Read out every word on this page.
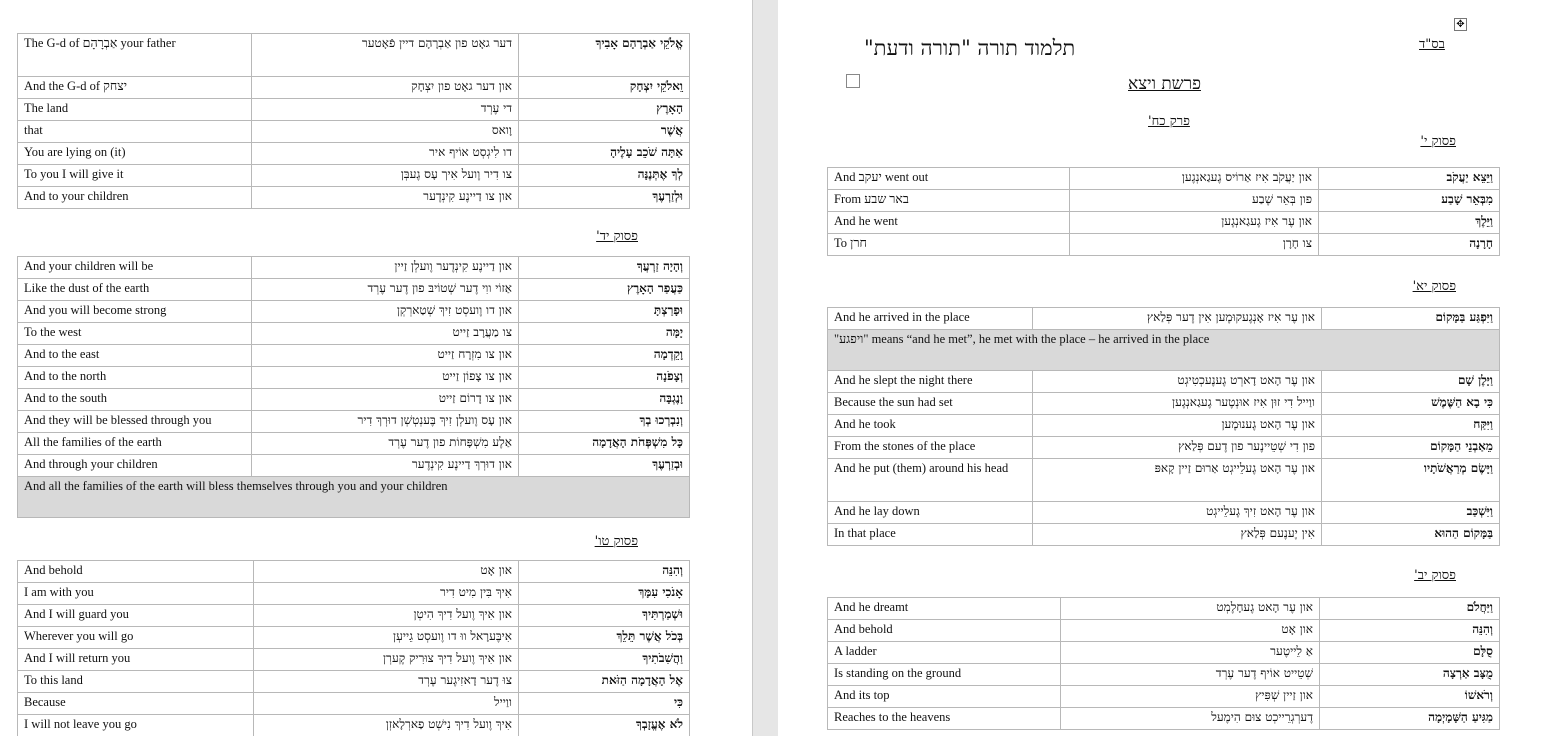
The G-d of אַבְרָהָם your father	דער גאָט פון אַבְרָהָם דיין פֿאָטער	אֱלֹקֵי אַבְרָהָם אָבִיךָ
And the G-d of יצחק	און דער גאָט פון יִצְחָק	וֵאלֹקֵי יִצְחָק
The land	די עֶרְד	הָאָרֶץ
that	וָואס	אֲשֶׁר
You are lying on (it)	דו לִיגְסְט אוֹיף איר	אַתָּה שֹׁכֵב עָלֶיהָ
To you I will give it	צו דִיר וֶועל אִיך עָס גֶעבְּן	לְךָ אֶתְּנֶנָּה
And to your children	און צו דַיינֶע קִינְדֶער	וּלְזַרְעֶךָ
פסוק יד'
And your children will be	און דַיינֶע קִינְדֶער וֶועלְן זַיין	וְהָיָה זַרְעֲךָ
Like the dust of the earth	אַזוֹי ווִי דֶער שְׁטוֹיבּ פון דֶער עֶרְד	כַּעֲפַר הָאָרֶץ
And you will become strong	און דו וֶועסְט זִיךְ שְׁטַארְקְן	וּפָרַצְתָּ
To the west	צו מַעֲרָב זַייט	יָמָּה
And to the east	און צו מִזְרָח זַייט	וָקֵדְמָה
And to the north	און צו צָפוֹן זַייט	וְצָפֹנָה
And to the south	און צו דָרוֹם זַייט	וָנֶגְבָּה
And they will be blessed through you	און עָס וֶועלְן זִיךְ בֶּענְטְשְׁן דוּרְךְ דִיר	וְנִבְרְכוּ בְךָ
All the families of the earth	אַלֶע מִשְׁפָּחוֹת פון דֶער עֶרְד	כָּל מִשְׁפְּחֹת הָאֲדָמָה
And through your children	און דוּרְךְ דַיינֶע קִינְדֶער	וּבְזַרְעֶךָ
And all the families of the earth will bless themselves through you and your children		
פסוק טו'
And behold	און אָט	וְהִנֵּה
I am with you	אִיךְ בִּין מִיט דִיר	אָנֹכִי עִמָּךְ
And I will guard you	און אִיךְ וֶועל דִיךְ הִיטְן	וּשְׁמַרְתִּיךָ
Wherever you will go	אִיבֶּערָאל ווּ דו וֶועסְט גֵייעְן	בְּכֹל אֲשֶׁר תֵּלֵךְ
And I will return you	און אִיךְ וֶועל דִיךְ צוּרִיק קֶערְן	וַהֲשִׁבֹתִיךָ
To this land	צוּ דֶער דָאזִיגֶער עֶרְד	אֶל הָאֲדָמָה הַזֹּאת
Because	ווַייל	כִּי
I will not leave you go	אִיךְ וֶועל דִיךְ נִישְׁט פַארְלָאזְן	לֹא אֶעֱזָבְךָ
✥
בס"ד
תלמוד תורה "תורה ודעת"
פרשת ויצא
פרק כח'
פסוק י'
And יעקב went out	און יַעֲקֹב אִיז אַרוֹיס גֶעגַאנְגֶען	וַיֵּצֵא יַעֲקֹב
From באר שבע	פון בְּאֵר שֶׁבַע	מִבְּאֵר שָׁבַע
And he went	און עֶר אִיז גֶעגַאנְגֶען	וַיֵּלֶךְ
To חרן	צו חָרָן	חָרָנָה
פסוק יא'
And he arrived in the place	און עֶר אִיז אָנְגֶעקוּמֶען אִין דֶער פְּלַאץ	וַיִּפְגַּע בַּמָּקוֹם
"ויפגע" means “and he met”, he met with the place – he arrived in the place		
And he slept the night there	און עֶר הָאט דָארְט גֶענֶעכְטִיגְט	וַיָּלֶן שָׁם
Because the sun had set	ווַייל דִי זוּן אִיז אוּנְטֶער גֶעגַאנְגֶען	כִּי בָא הַשֶּׁמֶשׁ
And he took	און עֶר הָאט גֶענוּמֶען	וַיִּקַּח
From the stones of the place	פון דִי שְׁטֵיינֶער פון דֶעם פְּלַאץ	מֵאַבְנֵי הַמָּקוֹם
And he put (them) around his head	און עֶר הָאט גֶעלֵייגְט אַרוּם זַיין קָאפּ	וַיָּשֶׂם מְרַאֲשֹׁתָיו
And he lay down	און עֶר הָאט זִיךְ גֶעלֵייגְט	וַיִּשְׁכַּב
In that place	אִין יֶענֶעם פְּלַאץ	בַּמָּקוֹם הַהוּא
פסוק יב'
And he dreamt	און עֶר הָאט גֶעחָלֶמְט	וַיַּחֲלֹם
And behold	און אָט	וְהִנֵּה
A ladder	אַ לֵייטֶער	סֻלָּם
Is standing on the ground	שְׁטֵייט אוֹיף דֶער עֶרְד	מֻצָּב אַרְצָה
And its top	און זַיין שְׁפִּיץ	וְרֹאשׁוֹ
Reaches to the heavens	דֶערְגְרֵייכְט צוּם הִימֶעל	מַגִּיעַ הַשָּׁמָיְמָה
